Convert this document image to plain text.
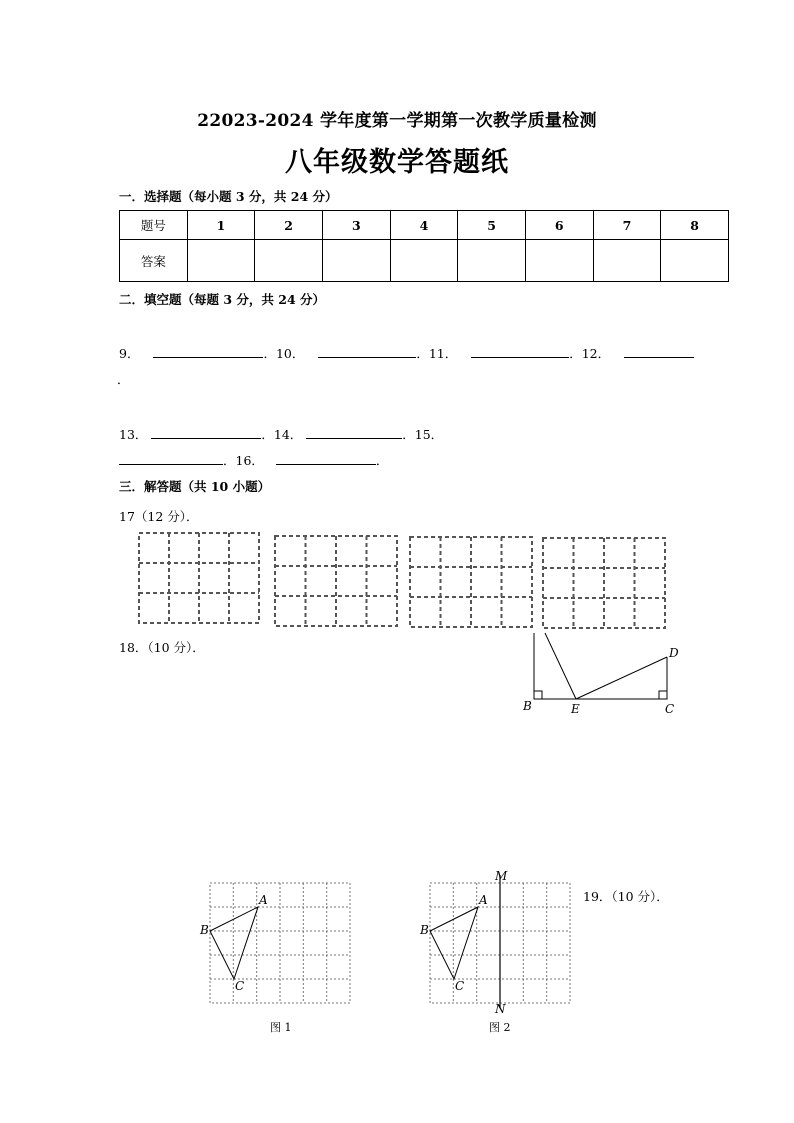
22023-2024 学年度第一学期第一次教学质量检测
八年级数学答题纸
一．选择题（每小题 3 分，共 24 分）
题号	1	2	3	4	5	6	7	8
答案								
二．填空题（每题 3 分，共 24 分）
9．	．10．	．11．	．12．
．
13．	．14．	．15．
．16．	．
三．解答题（共 10 小题）
17（12 分）．
18．（10 分）．
B	E	C
D
A
B
C
图 1
M
A
B
C
N
图 2
19．（10 分）．
